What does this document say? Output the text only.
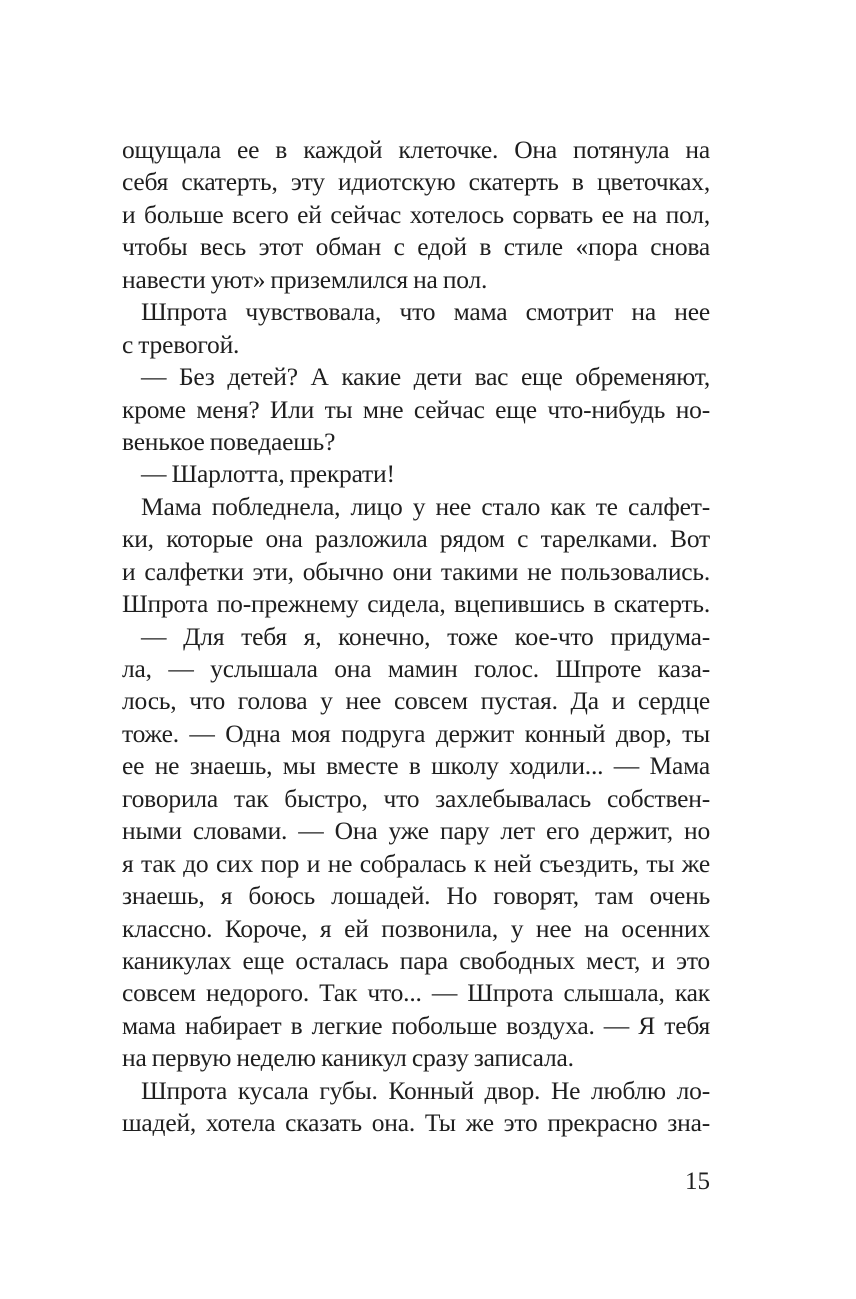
ощущала ее в каждой клеточке. Она потянула на
себя скатерть, эту идиотскую скатерть в цветочках,
и больше всего ей сейчас хотелось сорвать ее на пол,
чтобы весь этот обман с едой в стиле «пора снова
навести уют» приземлился на пол.
Шпрота чувствовала, что мама смотрит на нее
с тревогой.
— Без детей? А какие дети вас еще обременяют,
кроме меня? Или ты мне сейчас еще что-нибудь но-
венькое поведаешь?
— Шарлотта, прекрати!
Мама побледнела, лицо у нее стало как те салфет-
ки, которые она разложила рядом с тарелками. Вот
и салфетки эти, обычно они такими не пользовались.
Шпрота по-прежнему сидела, вцепившись в скатерть.
— Для тебя я, конечно, тоже кое-что придума-
ла, — услышала она мамин голос. Шпроте каза-
лось, что голова у нее совсем пустая. Да и сердце
тоже. — Одна моя подруга держит конный двор, ты
ее не знаешь, мы вместе в школу ходили... — Мама
говорила так быстро, что захлебывалась собствен-
ными словами. — Она уже пару лет его держит, но
я так до сих пор и не собралась к ней съездить, ты же
знаешь, я боюсь лошадей. Но говорят, там очень
классно. Короче, я ей позвонила, у нее на осенних
каникулах еще осталась пара свободных мест, и это
совсем недорого. Так что... — Шпрота слышала, как
мама набирает в легкие побольше воздуха. — Я тебя
на первую неделю каникул сразу записала.
Шпрота кусала губы. Конный двор. Не люблю ло-
шадей, хотела сказать она. Ты же это прекрасно зна-
15
